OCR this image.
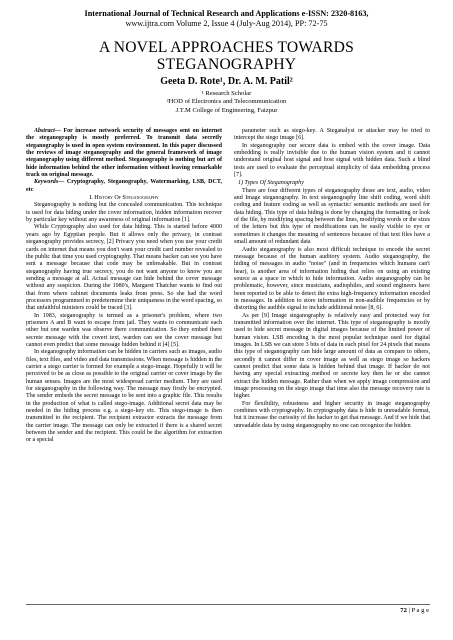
International Journal of Technical Research and Applications e-ISSN: 2320-8163,
www.ijtra.com Volume 2, Issue 4 (July-Aug 2014), PP: 72-75
A NOVEL APPROACHES TOWARDS
STEGANOGRAPHY
Geeta D. Rote¹, Dr. A. M. Patil²
¹ Research Scholar
²HOD of Electronics and Telecommunication
J.T.M College of Engineering, Faizpur

Abstract— For increase network security of messages sent on internet the steganography is mostly preferred. To transmit data secretly steganography is used in open system environment. In this paper discussed the reviews of image steganography and the general framework of image steganography using different method. Steganography is nothing but art of hide information behind the other information without leaving remarkable track on original message.

Keywords— Cryptography, Steganography, Watermarking, LSB, DCT, etc

I. History Of Steganography

Steganography is nothing but the concealed communication. This technique is used for data hiding under the cover information, hidden information recover by particular key without any awareness of original information [1].

While Cryptography also used for data hiding. This is started before 4000 years ago by Egyptian people. But it allows only the privacy, in contrast steganography provides secrecy, [2] Privacy you need when you use your credit cards on internet that means you don't want your credit card number revealed to the public that time you used cryptography. That means hacker can see you have sent a message because that code may be unbreakable. But in contrast steganography having true secrecy, you do not want anyone to know you are sending a message at all. Actual message can hide behind the cover message without any suspicion. During the 1980's, Margaret Thatcher wants to find out that from where cabinet documents leaks from press. So she had the word processors programmed to predetermine their uniqueness in the word spacing, so that unfaithful ministers could be traced [3].

In 1983, steganography is termed as a prisoner's problem, where two prisoners A and B want to escape from jail. They wants to communicate each other but one warden was observe there communication. So they embed there secrete message with the covert text, warden can see the cover message but cannot even predict that some message hidden behind it [4] [5].

In steganography information can be hidden in carriers such as images, audio files, text files, and video and data transmissions. When message is hidden in the carrier a stego carrier is formed for example a stego-image. Hopefully it will be perceived to be as close as possible to the original carrier or cover image by the human senses. Images are the most widespread carrier medium. They are used for steganography in the following way. The message may firstly be encrypted. The sender embeds the secret message to be sent into a graphic file. This results in the production of what is called stego-image. Additional secret data may be needed in the hiding process e.g. a stego-key etc. This stego-image is then transmitted to the recipient. The recipient extractor extracts the message from the carrier image. The message can only be extracted if there is a shared secret between the sender and the recipient. This could be the algorithm for extraction or a special

parameter such as stego-key. A Steganalyst or attacker may be tried to intercept the stego image [6].

In steganography our secure data is embed with the cover image. Data embedding is really invisible due to the human vision system and it cannot understand original host signal and host signal with hidden data. Such a blind tests are used to evaluate the perceptual simplicity of data embedding process [7].

1) Types Of Steganography

There are four different types of steganography those are text, audio, video and Image steganography. In text steganography line shift coding, word shift coding and feature coding as well as syntactic/ semantic methods are used for data hiding. This type of data hiding is done by changing the formatting or look of the file, by modifying spacing between the lines, modifying words or the sizes of the letters but this type of modifications can be easily visible to eye or sometimes it changes the meaning of sentences because of that text files have a small amount of redundant data

Audio steganography is also most difficult technique to encode the secret message because of the human auditory system. Audio steganography, the hiding of messages in audio "noise" (and in frequencies which humans can't hear), is another area of information hiding that relies on using an existing source as a space in which to hide information. Audio steganography can be problematic, however, since musicians, audiophiles, and sound engineers have been reported to be able to detect the extra high-frequency information encoded in messages. In addition to store information in non-audible frequencies or by distorting the audible signal to include additional noise [8, 6].

As per [9] Image steganography is relatively easy and protected way for transmitted information over the internet. This type of steganography is mostly used to hide secret message in digital images because of the limited power of human vision. LSB encoding is the most popular technique used for digital images. In LSB we can store 3 bits of data in each pixel for 24 pixels that means this type of steganography can hide large amount of data as compare to others, secondly it cannot differ in cover image as well as stego image so hackers cannot predict that some data is hidden behind that image. If hacker do not having any special extracting method or secrete key then he or she cannot extract the hidden message. Rather than when we apply image compression and image processing on the stego image that time also the message recovery rate is higher.

For flexibility, robustness and higher security in image steganography combines with cryptography. In cryptography data is hide in unreadable format, but it increase the curiosity of the hacker to get that message. And if we hide that unreadable data by using steganography no one can recognize the hidden

72 | P a g e
